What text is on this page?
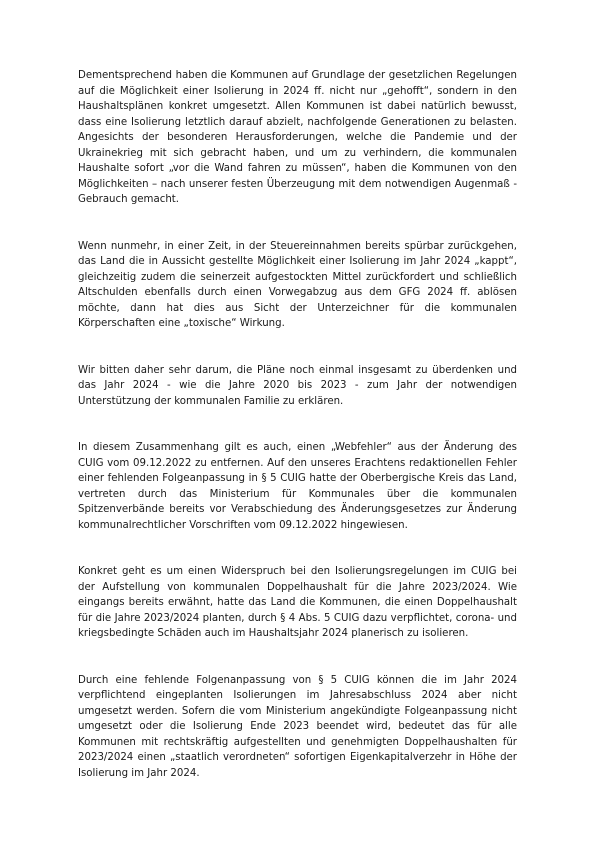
Dementsprechend haben die Kommunen auf Grundlage der gesetzlichen Regelungen auf die Möglichkeit einer Isolierung in 2024 ff. nicht nur „gehofft“, sondern in den Haushaltsplänen konkret umgesetzt. Allen Kommunen ist dabei natürlich bewusst, dass eine Isolierung letztlich darauf abzielt, nachfolgende Generationen zu belasten. Angesichts der besonderen Herausforderungen, welche die Pandemie und der Ukrainekrieg mit sich gebracht haben, und um zu verhindern, die kommunalen Haushalte sofort „vor die Wand fahren zu müssen“, haben die Kommunen von den Möglichkeiten – nach unserer festen Überzeugung mit dem notwendigen Augenmaß - Gebrauch gemacht.

Wenn nunmehr, in einer Zeit, in der Steuereinnahmen bereits spürbar zurückgehen, das Land die in Aussicht gestellte Möglichkeit einer Isolierung im Jahr 2024 „kappt“, gleichzeitig zudem die seinerzeit aufgestockten Mittel zurückfordert und schließlich Altschulden ebenfalls durch einen Vorwegabzug aus dem GFG 2024 ff. ablösen möchte, dann hat dies aus Sicht der Unterzeichner für die kommunalen Körperschaften eine „toxische“ Wirkung.

Wir bitten daher sehr darum, die Pläne noch einmal insgesamt zu überdenken und das Jahr 2024 - wie die Jahre 2020 bis 2023 - zum Jahr der notwendigen Unterstützung der kommunalen Familie zu erklären.

In diesem Zusammenhang gilt es auch, einen „Webfehler“ aus der Änderung des CUIG vom 09.12.2022 zu entfernen. Auf den unseres Erachtens redaktionellen Fehler einer fehlenden Folgeanpassung in § 5 CUIG hatte der Oberbergische Kreis das Land, vertreten durch das Ministerium für Kommunales über die kommunalen Spitzenverbände bereits vor Verabschiedung des Änderungsgesetzes zur Änderung kommunalrechtlicher Vorschriften vom 09.12.2022 hingewiesen.

Konkret geht es um einen Widerspruch bei den Isolierungsregelungen im CUIG bei der Aufstellung von kommunalen Doppelhaushalt für die Jahre 2023/2024. Wie eingangs bereits erwähnt, hatte das Land die Kommunen, die einen Doppelhaushalt für die Jahre 2023/2024 planten, durch § 4 Abs. 5 CUIG dazu verpflichtet, corona- und kriegsbedingte Schäden auch im Haushaltsjahr 2024 planerisch zu isolieren.

Durch eine fehlende Folgenanpassung von § 5 CUIG können die im Jahr 2024 verpflichtend eingeplanten Isolierungen im Jahresabschluss 2024 aber nicht umgesetzt werden. Sofern die vom Ministerium angekündigte Folgeanpassung nicht umgesetzt oder die Isolierung Ende 2023 beendet wird, bedeutet das für alle Kommunen mit rechtskräftig aufgestellten und genehmigten Doppelhaushalten für 2023/2024 einen „staatlich verordneten“ sofortigen Eigenkapitalverzehr in Höhe der Isolierung im Jahr 2024.
